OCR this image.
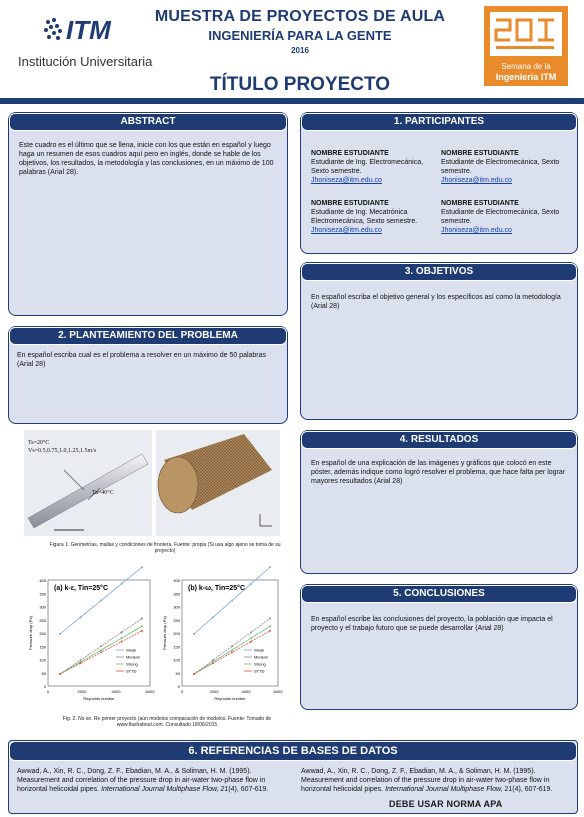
ITM
Institución Universitaria
MUESTRA DE PROYECTOS DE AULA
INGENIERÍA PARA LA GENTE
2016
TÍTULO PROYECTO
Semana de la
Ingeniería ITM
ABSTRACT
Este cuadro es el último que se llena, inicie con los que están en español y luego haga un resumen de esos cuadros aquí pero en inglés, donde se hable de los objetivos, los resultados, la metodología y las conclusiones, en un máximo de 100 palabras (Arial 28).
1. PARTICIPANTES
NOMBRE ESTUDIANTE
Estudiante de Ing. Electromecánica, Sexto semestre.
Jhoniseza@itm.edu.co
NOMBRE ESTUDIANTE
Estudiante de Electromecánica, Sexto semestre.
Jhoniseza@itm.edu.co
NOMBRE ESTUDIANTE
Estudiante de Ing. Mecatrónica Electromecánica, Sexto semestre.
Jhoniseza@itm.edu.co
NOMBRE ESTUDIANTE
Estudiante de Electromecánica, Sexto semestre.
Jhoniseza@itm.edu.co
3. OBJETIVOS
En español escriba el objetivo general y los específicos así como la metodología (Arial 28)
2. PLANTEAMIENTO DEL PROBLEMA
En español escriba cual es el problema a resolver en un máximo de 50 palabras (Arial 28)
Ts=20°C
Vs=0.5,0.75,1.0,1.25,1.5m/s
Ta=40°C
Figura 1. Geometrías, mallas y condiciones de frontera. Fuente: propia (Si usa algo ajeno se toma de su proyecto)
(a) k-ε, Tin=25°C
400
350
300
250
200
150
100
50
0
0	2000	4000	6000
Reynolds number
Pressure drop (Pa)
Weak
Medium
Strong
STTD
(b) k-ω, Tin=25°C
400
350
300
250
200
150
100
50
0
0	2000	4000	6000
Reynolds number
Pressure drop (Pa)
Weak
Medium
Strong
STTD
Fig. 2. No se. Re primer proyecto (aún modelos comparación de modelos. Fuente: Tomado de www.flashabout.com. Consultado 18/06/2015
4. RESULTADOS
En español de una explicación de las imágenes y gráficos que colocó en este póster, además indique como logró resolver el problema, que hace falta per lograr mayores resultados (Arial 28)
5. CONCLUSIONES
En español escribe las conclusiones del proyecto, la población que impacta el proyecto y el trabajo futuro que se puede desarrollar (Arial 28)
6. REFERENCIAS DE BASES DE DATOS
Awwad, A., Xin, R. C., Dong, Z. F., Ebadian, M. A., & Soliman, H. M. (1995). Measurement and correlation of the pressure drop in air-water two-phase flow in horizontal helicoidal pipes. International Journal Multiphase Flow, 21(4), 607-619.
Awwad, A., Xin, R. C., Dong, Z. F., Ebadian, M. A., & Soliman, H. M. (1995). Measurement and correlation of the pressure drop in air-water two-phase flow in horizontal helicoidal pipes. International Journal Multiphase Flow, 21(4), 607-619.
DEBE USAR NORMA APA
